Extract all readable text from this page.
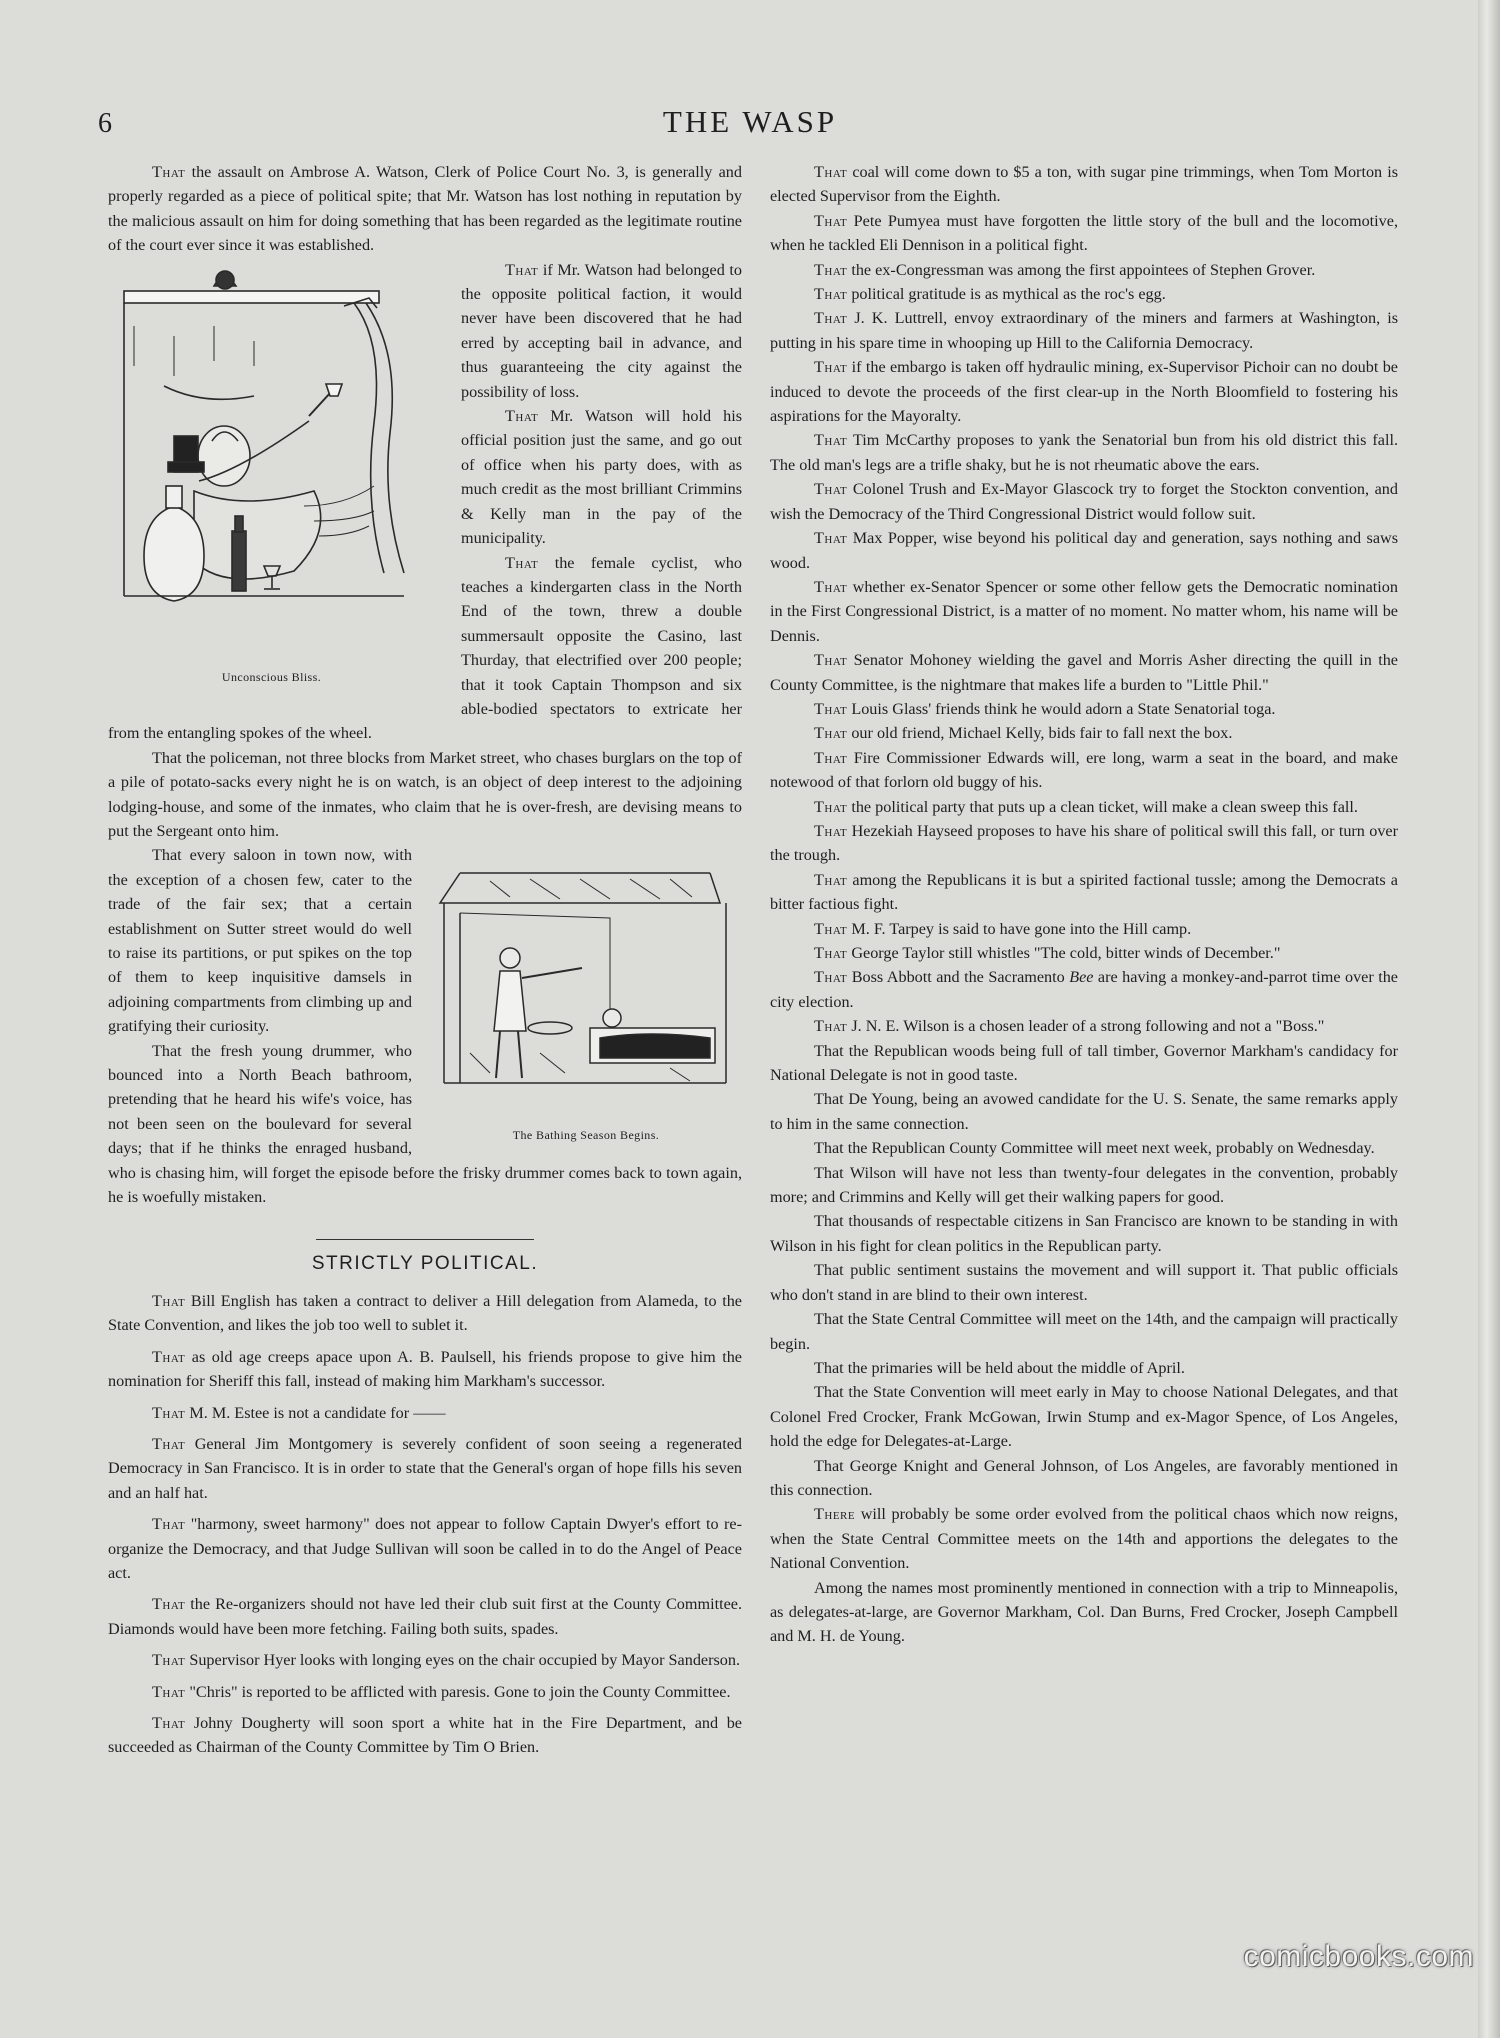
6	THE WASP

That the assault on Ambrose A. Watson, Clerk of Police Court No. 3, is generally and properly regarded as a piece of political spite; that Mr. Watson has lost nothing in reputation by the malicious assault on him for doing something that has been regarded as the legitimate routine of the court ever since it was established.

Unconscious Bliss.

That if Mr. Watson had belonged to the opposite political faction, it would never have been discovered that he had erred by accepting bail in advance, and thus guaranteeing the city against the possibility of loss.

That Mr. Watson will hold his official position just the same, and go out of office when his party does, with as much credit as the most brilliant Crimmins & Kelly man in the pay of the municipality.

That the female cyclist, who teaches a kindergarten class in the North End of the town, threw a double summersault opposite the Casino, last Thurday, that electrified over 200 people; that it took Captain Thompson and six able-bodied spectators to extricate her from the entangling spokes of the wheel.

That the policeman, not three blocks from Market street, who chases burglars on the top of a pile of potato-sacks every night he is on watch, is an object of deep interest to the adjoining lodging-house, and some of the inmates, who claim that he is over-fresh, are devising means to put the Sergeant onto him.

The Bathing Season Begins.

That every saloon in town now, with the exception of a chosen few, cater to the trade of the fair sex; that a certain establishment on Sutter street would do well to raise its partitions, or put spikes on the top of them to keep inquisitive damsels in adjoining compartments from climbing up and gratifying their curiosity.

That the fresh young drummer, who bounced into a North Beach bathroom, pretending that he heard his wife's voice, has not been seen on the boulevard for several days; that if he thinks the enraged husband, who is chasing him, will forget the episode before the frisky drummer comes back to town again, he is woefully mistaken.

STRICTLY POLITICAL.

That Bill English has taken a contract to deliver a Hill delegation from Alameda, to the State Convention, and likes the job too well to sublet it.

That as old age creeps apace upon A. B. Paulsell, his friends propose to give him the nomination for Sheriff this fall, instead of making him Markham's successor.

That M. M. Estee is not a candidate for ——

That General Jim Montgomery is severely confident of soon seeing a regenerated Democracy in San Francisco. It is in order to state that the General's organ of hope fills his seven and an half hat.

That "harmony, sweet harmony" does not appear to follow Captain Dwyer's effort to re-organize the Democracy, and that Judge Sullivan will soon be called in to do the Angel of Peace act.

That the Re-organizers should not have led their club suit first at the County Committee. Diamonds would have been more fetching. Failing both suits, spades.

That Supervisor Hyer looks with longing eyes on the chair occupied by Mayor Sanderson.

That "Chris" is reported to be afflicted with paresis. Gone to join the County Committee.

That Johny Dougherty will soon sport a white hat in the Fire Department, and be succeeded as Chairman of the County Committee by Tim O Brien.

That coal will come down to $5 a ton, with sugar pine trimmings, when Tom Morton is elected Supervisor from the Eighth.

That Pete Pumyea must have forgotten the little story of the bull and the locomotive, when he tackled Eli Dennison in a political fight.

That the ex-Congressman was among the first appointees of Stephen Grover.

That political gratitude is as mythical as the roc's egg.

That J. K. Luttrell, envoy extraordinary of the miners and farmers at Washington, is putting in his spare time in whooping up Hill to the California Democracy.

That if the embargo is taken off hydraulic mining, ex-Supervisor Pichoir can no doubt be induced to devote the proceeds of the first clear-up in the North Bloomfield to fostering his aspirations for the Mayoralty.

That Tim McCarthy proposes to yank the Senatorial bun from his old district this fall. The old man's legs are a trifle shaky, but he is not rheumatic above the ears.

That Colonel Trush and Ex-Mayor Glascock try to forget the Stockton convention, and wish the Democracy of the Third Congressional District would follow suit.

That Max Popper, wise beyond his political day and generation, says nothing and saws wood.

That whether ex-Senator Spencer or some other fellow gets the Democratic nomination in the First Congressional District, is a matter of no moment. No matter whom, his name will be Dennis.

That Senator Mohoney wielding the gavel and Morris Asher directing the quill in the County Committee, is the nightmare that makes life a burden to "Little Phil."

That Louis Glass' friends think he would adorn a State Senatorial toga.

That our old friend, Michael Kelly, bids fair to fall next the box.

That Fire Commissioner Edwards will, ere long, warm a seat in the board, and make notewood of that forlorn old buggy of his.

That the political party that puts up a clean ticket, will make a clean sweep this fall.

That Hezekiah Hayseed proposes to have his share of political swill this fall, or turn over the trough.

That among the Republicans it is but a spirited factional tussle; among the Democrats a bitter factious fight.

That M. F. Tarpey is said to have gone into the Hill camp.

That George Taylor still whistles "The cold, bitter winds of December."

That Boss Abbott and the Sacramento Bee are having a monkey-and-parrot time over the city election.

That J. N. E. Wilson is a chosen leader of a strong following and not a "Boss."

That the Republican woods being full of tall timber, Governor Markham's candidacy for National Delegate is not in good taste.

That De Young, being an avowed candidate for the U. S. Senate, the same remarks apply to him in the same connection.

That the Republican County Committee will meet next week, probably on Wednesday.

That Wilson will have not less than twenty-four delegates in the convention, probably more; and Crimmins and Kelly will get their walking papers for good.

That thousands of respectable citizens in San Francisco are known to be standing in with Wilson in his fight for clean politics in the Republican party.

That public sentiment sustains the movement and will support it. That public officials who don't stand in are blind to their own interest.

That the State Central Committee will meet on the 14th, and the campaign will practically begin.

That the primaries will be held about the middle of April.

That the State Convention will meet early in May to choose National Delegates, and that Colonel Fred Crocker, Frank McGowan, Irwin Stump and ex-Magor Spence, of Los Angeles, hold the edge for Delegates-at-Large.

That George Knight and General Johnson, of Los Angeles, are favorably mentioned in this connection.

There will probably be some order evolved from the political chaos which now reigns, when the State Central Committee meets on the 14th and apportions the delegates to the National Convention.

Among the names most prominently mentioned in connection with a trip to Minneapolis, as delegates-at-large, are Governor Markham, Col. Dan Burns, Fred Crocker, Joseph Campbell and M. H. de Young.

comicbooks.com
